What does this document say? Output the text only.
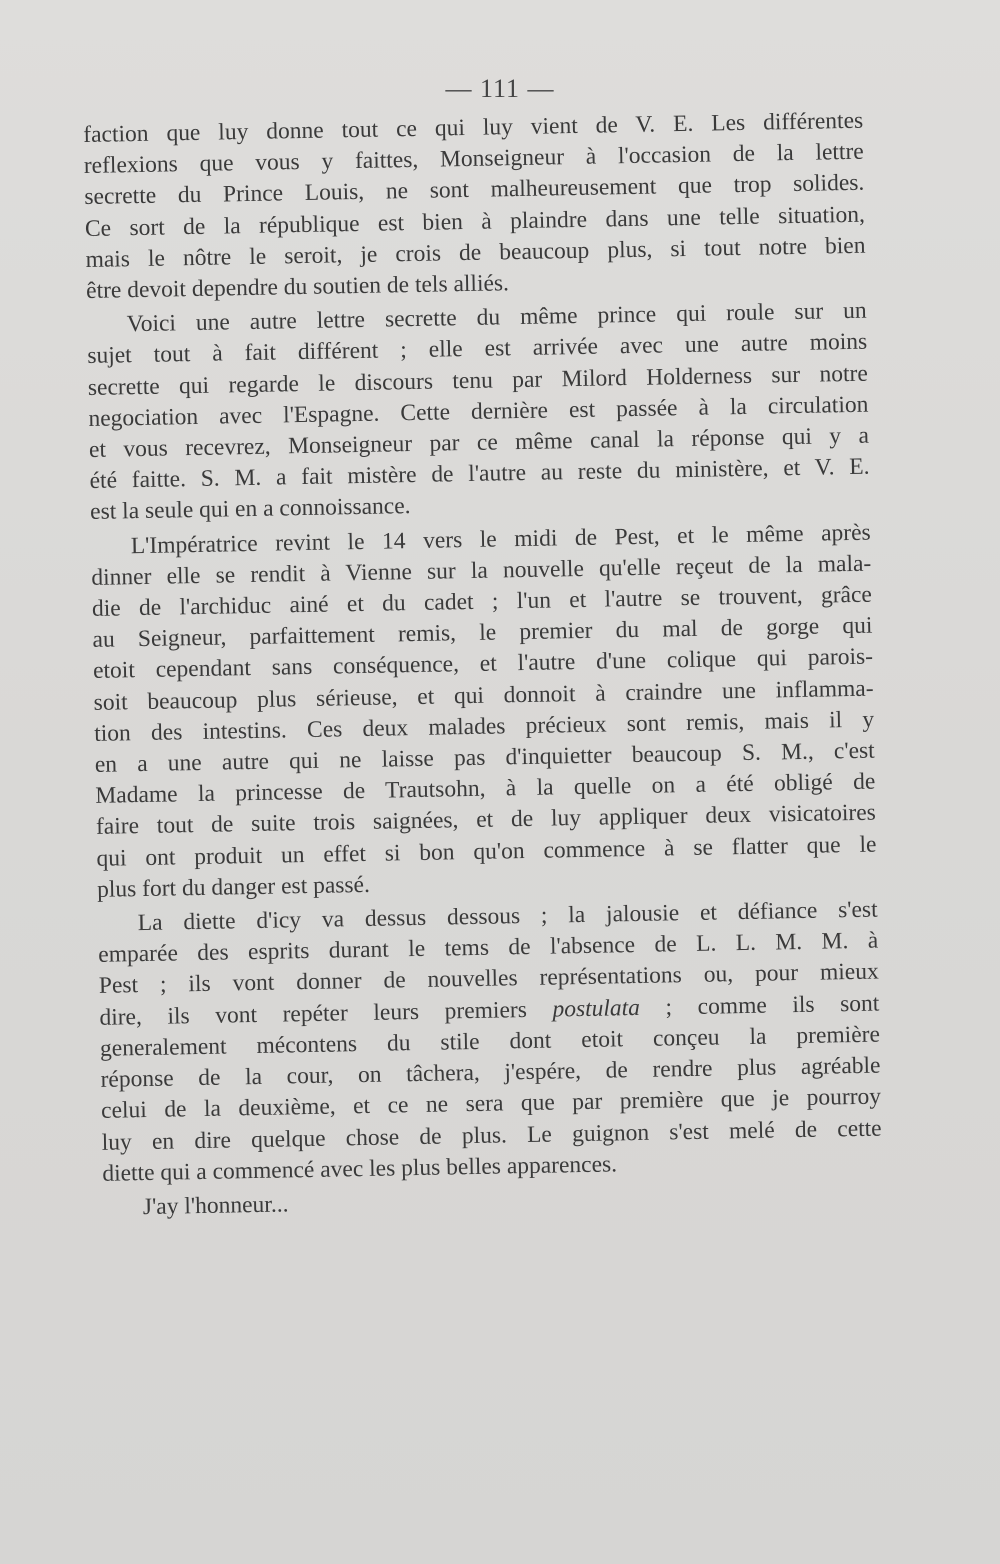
— 111 —
faction que luy donne tout ce qui luy vient de V. E. Les différentes
reflexions que vous y faittes, Monseigneur à l'occasion de la lettre
secrette du Prince Louis, ne sont malheureusement que trop solides.
Ce sort de la république est bien à plaindre dans une telle situation,
mais le nôtre le seroit, je crois de beaucoup plus, si tout notre bien
être devoit dependre du soutien de tels alliés.
Voici une autre lettre secrette du même prince qui roule sur un
sujet tout à fait différent ; elle est arrivée avec une autre moins
secrette qui regarde le discours tenu par Milord Holderness sur notre
negociation avec l'Espagne. Cette dernière est passée à la circulation
et vous recevrez, Monseigneur par ce même canal la réponse qui y a
été faitte. S. M. a fait mistère de l'autre au reste du ministère, et V. E.
est la seule qui en a connoissance.
L'Impératrice revint le 14 vers le midi de Pest, et le même après
dinner elle se rendit à Vienne sur la nouvelle qu'elle reçeut de la mala-
die de l'archiduc ainé et du cadet ; l'un et l'autre se trouvent, grâce
au Seigneur, parfaittement remis, le premier du mal de gorge qui
etoit cependant sans conséquence, et l'autre d'une colique qui parois-
soit beaucoup plus sérieuse, et qui donnoit à craindre une inflamma-
tion des intestins. Ces deux malades précieux sont remis, mais il y
en a une autre qui ne laisse pas d'inquietter beaucoup S. M., c'est
Madame la princesse de Trautsohn, à la quelle on a été obligé de
faire tout de suite trois saignées, et de luy appliquer deux visicatoires
qui ont produit un effet si bon qu'on commence à se flatter que le
plus fort du danger est passé.
La diette d'icy va dessus dessous ; la jalousie et défiance s'est
emparée des esprits durant le tems de l'absence de L. L. M. M. à
Pest ; ils vont donner de nouvelles représentations ou, pour mieux
dire, ils vont repéter leurs premiers postulata ; comme ils sont
generalement mécontens du stile dont etoit conçeu la première
réponse de la cour, on tâchera, j'espére, de rendre plus agréable
celui de la deuxième, et ce ne sera que par première que je pourroy
luy en dire quelque chose de plus. Le guignon s'est melé de cette
diette qui a commencé avec les plus belles apparences.
J'ay l'honneur...
